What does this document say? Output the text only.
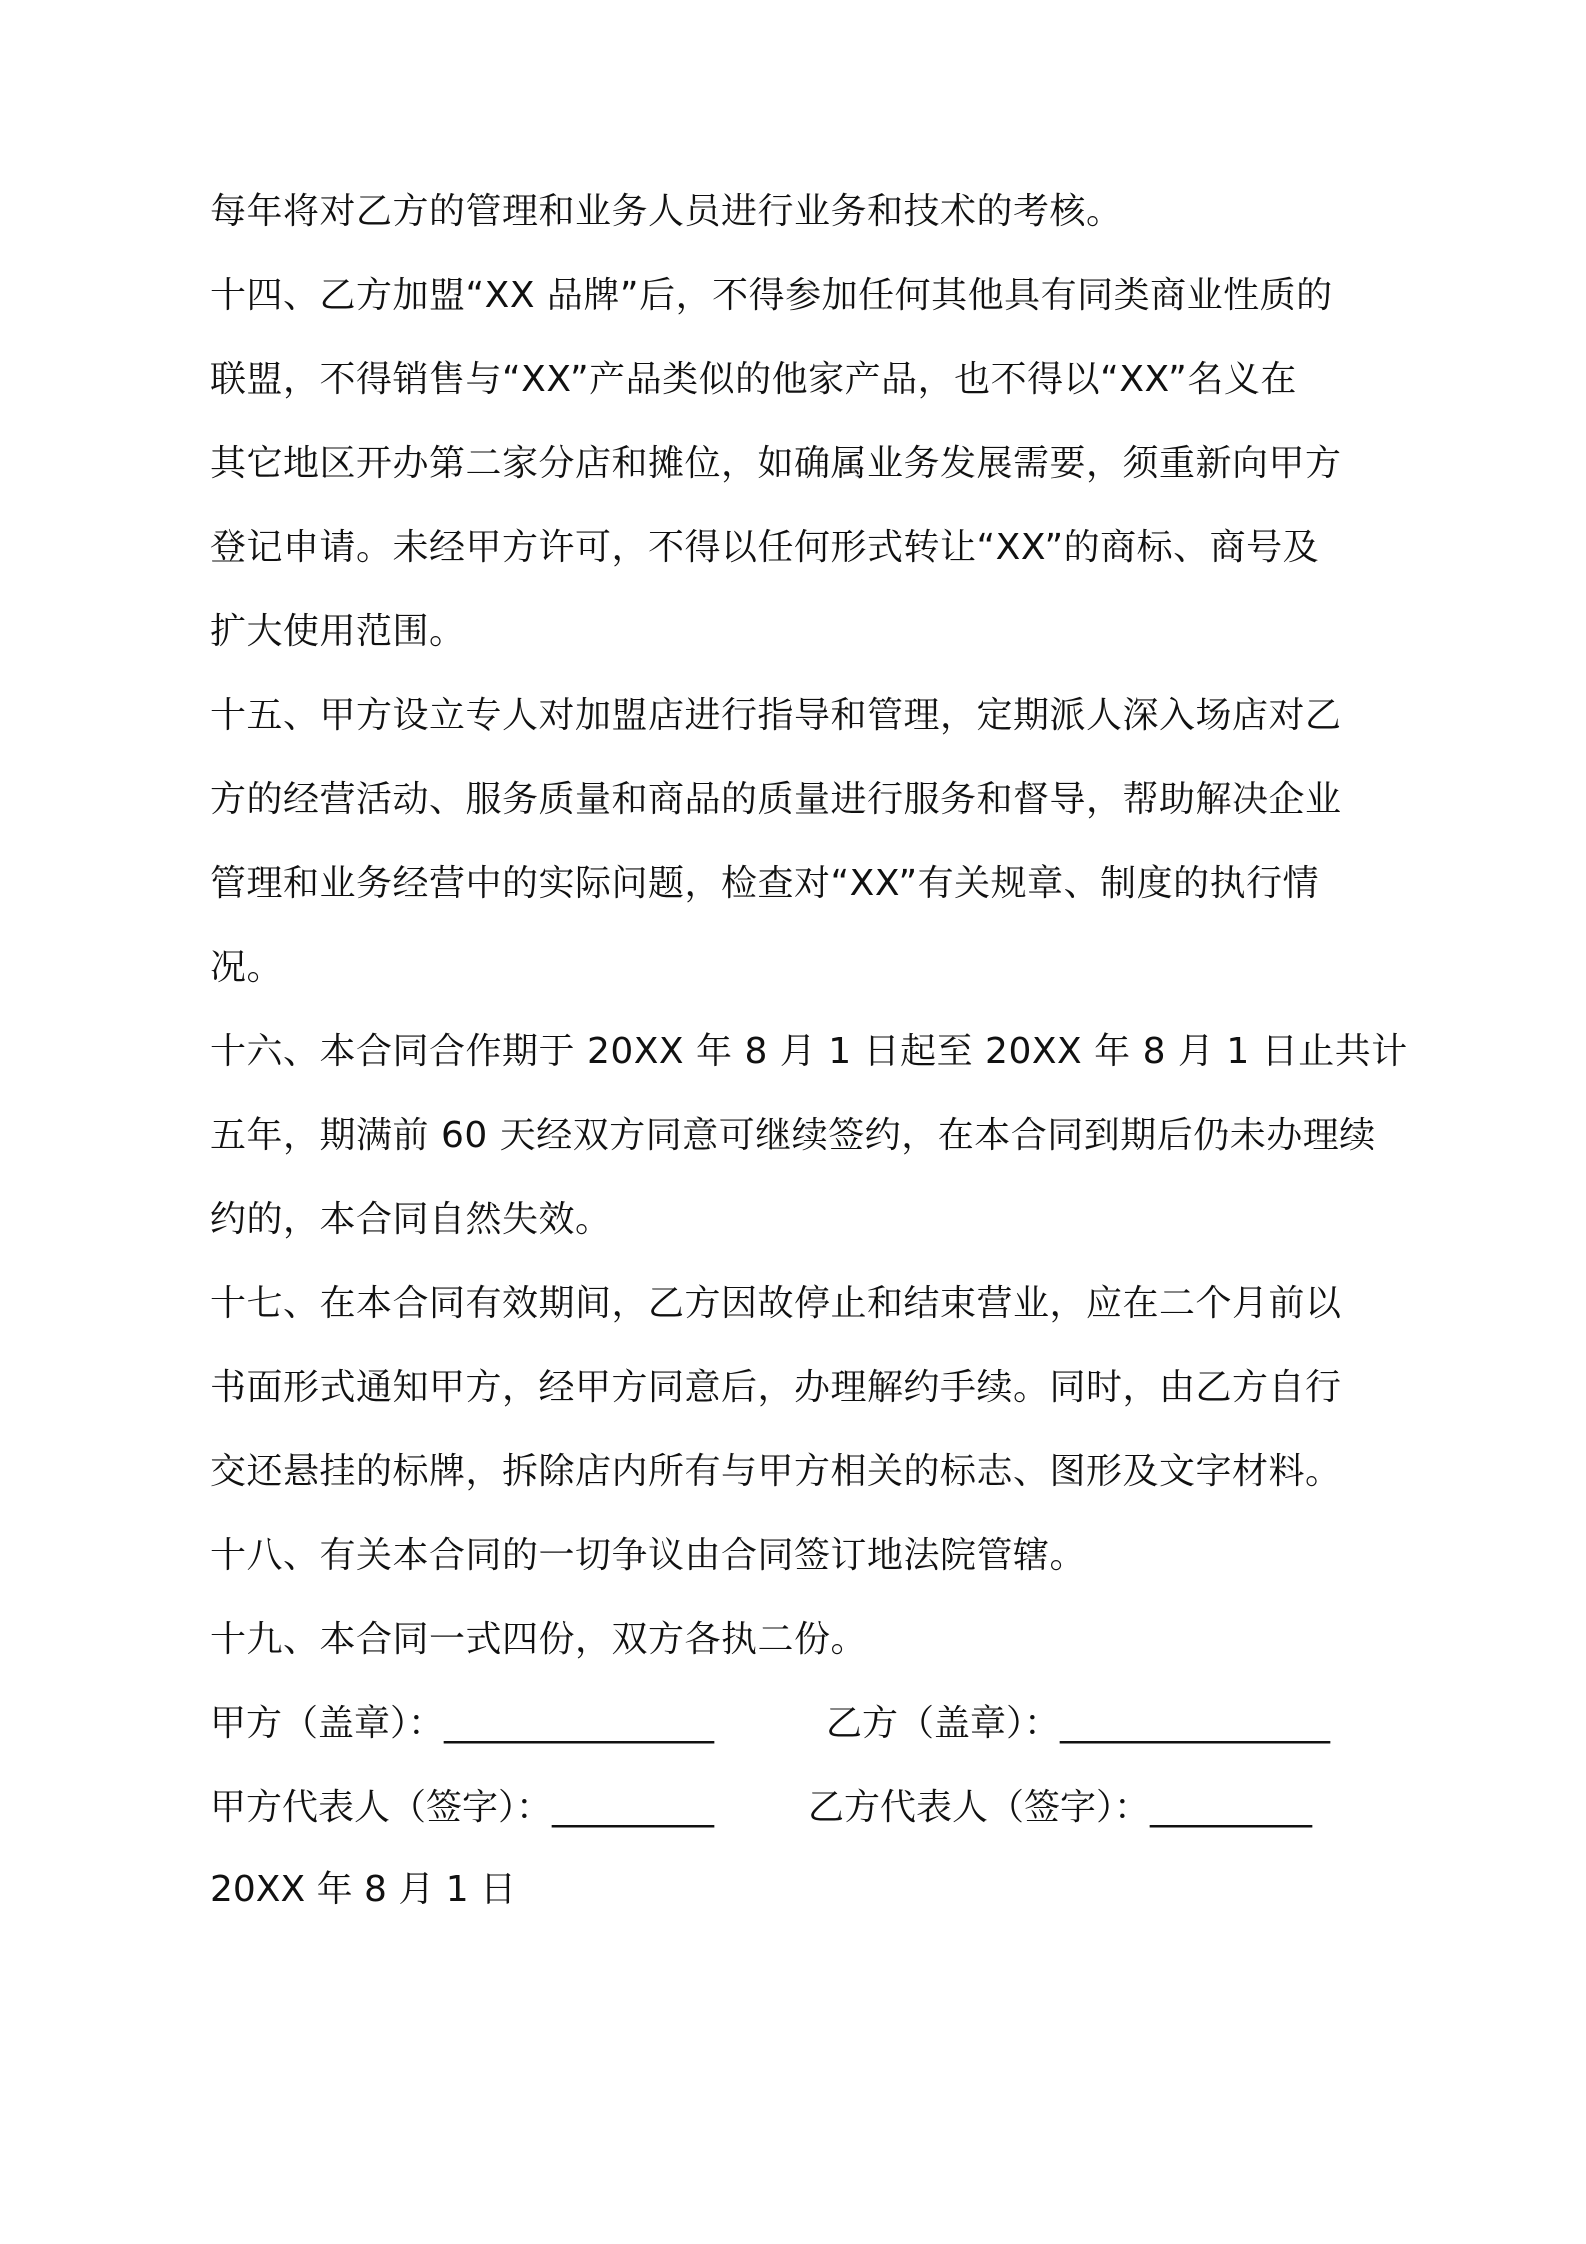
每年将对乙方的管理和业务人员进行业务和技术的考核。
十四、乙方加盟“XX 品牌”后，不得参加任何其他具有同类商业性质的
联盟，不得销售与“XX”产品类似的他家产品，也不得以“XX”名义在
其它地区开办第二家分店和摊位，如确属业务发展需要，须重新向甲方
登记申请。未经甲方许可，不得以任何形式转让“XX”的商标、商号及
扩大使用范围。
十五、甲方设立专人对加盟店进行指导和管理，定期派人深入场店对乙
方的经营活动、服务质量和商品的质量进行服务和督导，帮助解决企业
管理和业务经营中的实际问题，检查对“XX”有关规章、制度的执行情
况。
十六、本合同合作期于 20XX 年 8 月 1 日起至 20XX 年 8 月 1 日止共计
五年，期满前 60 天经双方同意可继续签约，在本合同到期后仍未办理续
约的，本合同自然失效。
十七、在本合同有效期间，乙方因故停止和结束营业，应在二个月前以
书面形式通知甲方，经甲方同意后，办理解约手续。同时，由乙方自行
交还悬挂的标牌，拆除店内所有与甲方相关的标志、图形及文字材料。
十八、有关本合同的一切争议由合同签订地法院管辖。
十九、本合同一式四份，双方各执二份。
甲方（盖章）：_______________	乙方（盖章）：_______________
甲方代表人（签字）：_________	乙方代表人（签字）：_________
20XX 年 8 月 1 日
